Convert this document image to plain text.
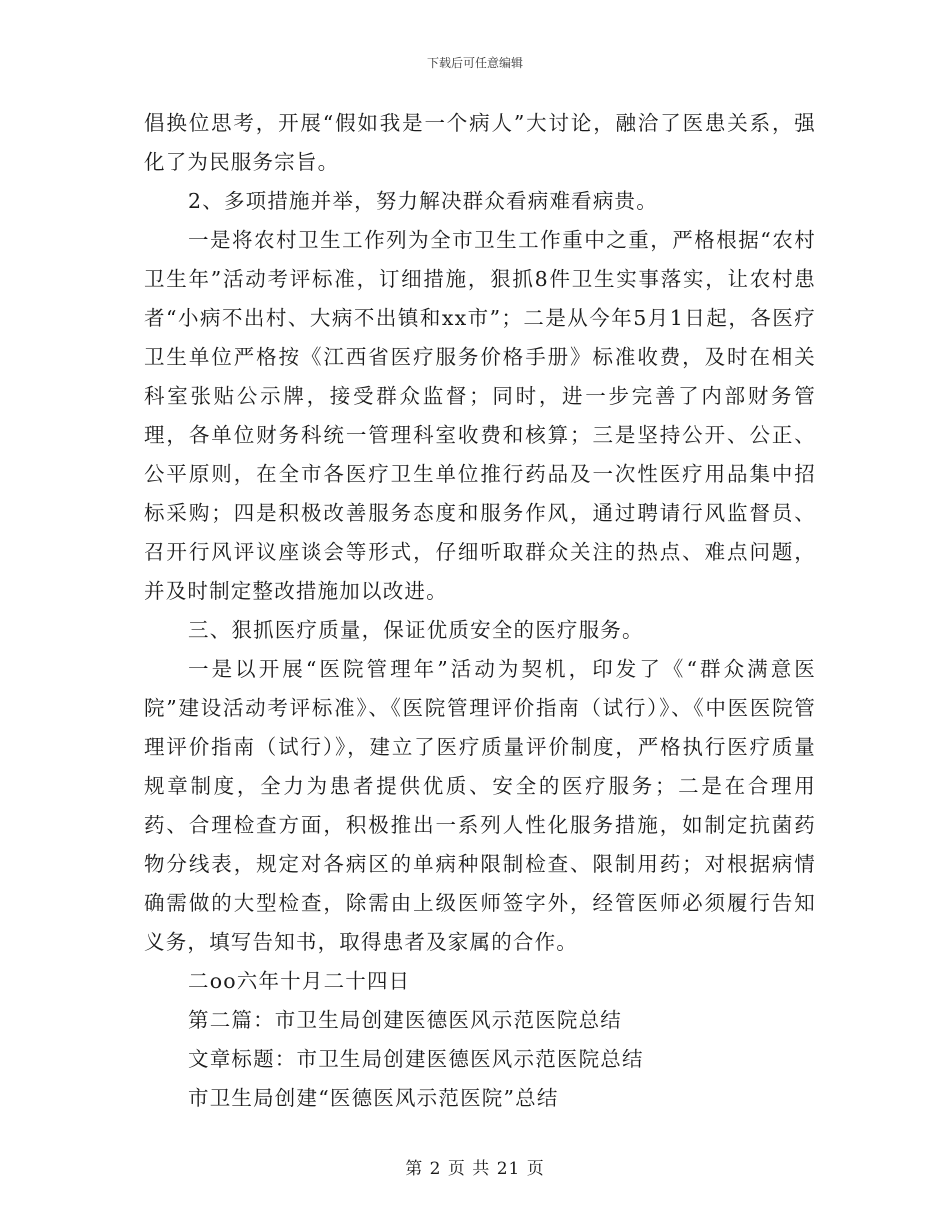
下载后可任意编辑

倡换位思考，开展“假如我是一个病人”大讨论，融洽了医患关系，强化了为民服务宗旨。

2、多项措施并举，努力解决群众看病难看病贵。

一是将农村卫生工作列为全市卫生工作重中之重，严格根据“农村卫生年”活动考评标准，订细措施，狠抓8件卫生实事落实，让农村患者“小病不出村、大病不出镇和xx市”；二是从今年5月1日起，各医疗卫生单位严格按《江西省医疗服务价格手册》标准收费，及时在相关科室张贴公示牌，接受群众监督；同时，进一步完善了内部财务管理，各单位财务科统一管理科室收费和核算；三是坚持公开、公正、公平原则，在全市各医疗卫生单位推行药品及一次性医疗用品集中招标采购；四是积极改善服务态度和服务作风，通过聘请行风监督员、召开行风评议座谈会等形式，仔细听取群众关注的热点、难点问题，并及时制定整改措施加以改进。

三、狠抓医疗质量，保证优质安全的医疗服务。

一是以开展“医院管理年”活动为契机，印发了《“群众满意医院”建设活动考评标准》、《医院管理评价指南（试行）》、《中医医院管理评价指南（试行）》，建立了医疗质量评价制度，严格执行医疗质量规章制度，全力为患者提供优质、安全的医疗服务；二是在合理用药、合理检查方面，积极推出一系列人性化服务措施，如制定抗菌药物分线表，规定对各病区的单病种限制检查、限制用药；对根据病情确需做的大型检查，除需由上级医师签字外，经管医师必须履行告知义务，填写告知书，取得患者及家属的合作。

二oo六年十月二十四日

第二篇：市卫生局创建医德医风示范医院总结

文章标题：市卫生局创建医德医风示范医院总结

市卫生局创建“医德医风示范医院”总结

第 2 页 共 21 页
